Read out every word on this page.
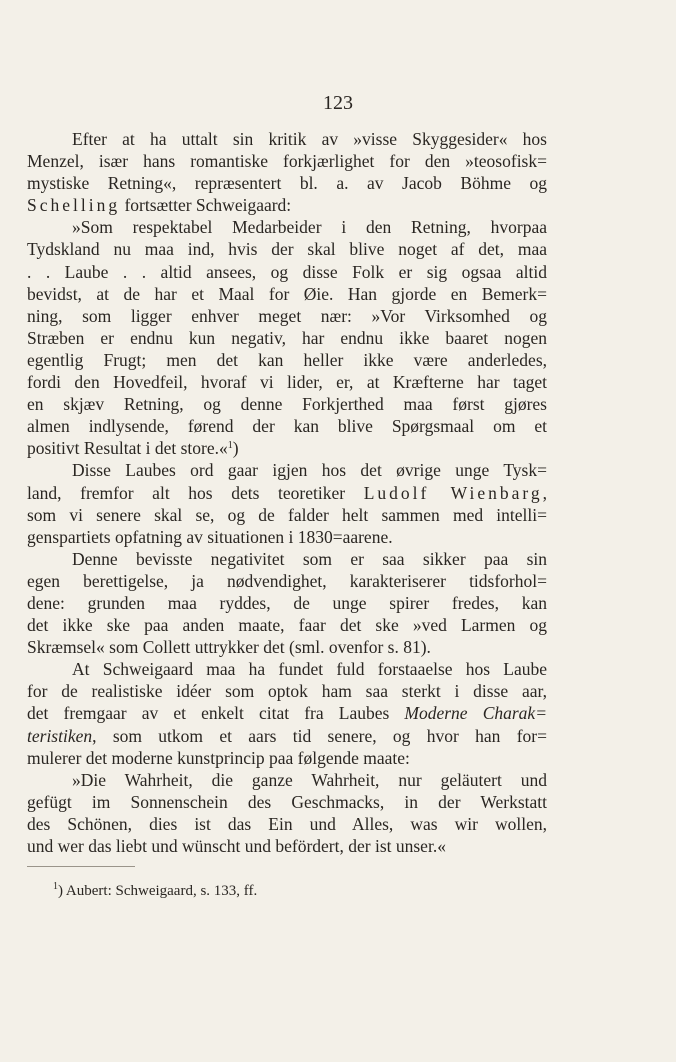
123
Efter at ha uttalt sin kritik av »visse Skyggesider« hos
Menzel, især hans romantiske forkjærlighet for den »teosofisk=
mystiske Retning«, repræsentert bl. a. av Jacob Böhme og
Schelling fortsætter Schweigaard:
»Som respektabel Medarbeider i den Retning, hvorpaa
Tydskland nu maa ind, hvis der skal blive noget af det, maa
. . Laube . . altid ansees, og disse Folk er sig ogsaa altid
bevidst, at de har et Maal for Øie. Han gjorde en Bemerk=
ning, som ligger enhver meget nær: »Vor Virksomhed og
Stræben er endnu kun negativ, har endnu ikke baaret nogen
egentlig Frugt; men det kan heller ikke være anderledes,
fordi den Hovedfeil, hvoraf vi lider, er, at Kræfterne har taget
en skjæv Retning, og denne Forkjerthed maa først gjøres
almen indlysende, førend der kan blive Spørgsmaal om et
positivt Resultat i det store.«$^1$)
Disse Laubes ord gaar igjen hos det øvrige unge Tysk=
land, fremfor alt hos dets teoretiker Ludolf Wienbarg,
som vi senere skal se, og de falder helt sammen med intelli=
genspartiets opfatning av situationen i 1830=aarene.
Denne bevisste negativitet som er saa sikker paa sin
egen berettigelse, ja nødvendighet, karakteriserer tidsforhol=
dene: grunden maa ryddes, de unge spirer fredes, kan
det ikke ske paa anden maate, faar det ske »ved Larmen og
Skræmsel« som Collett uttrykker det (sml. ovenfor s. 81).
At Schweigaard maa ha fundet fuld forstaaelse hos Laube
for de realistiske idéer som optok ham saa sterkt i disse aar,
det fremgaar av et enkelt citat fra Laubes Moderne Charak=
teristiken, som utkom et aars tid senere, og hvor han for=
mulerer det moderne kunstprincip paa følgende maate:
»Die Wahrheit, die ganze Wahrheit, nur geläutert und
gefügt im Sonnenschein des Geschmacks, in der Werkstatt
des Schönen, dies ist das Ein und Alles, was wir wollen,
und wer das liebt und wünscht und befördert, der ist unser.«
$^1$) Aubert: Schweigaard, s. 133, ff.
